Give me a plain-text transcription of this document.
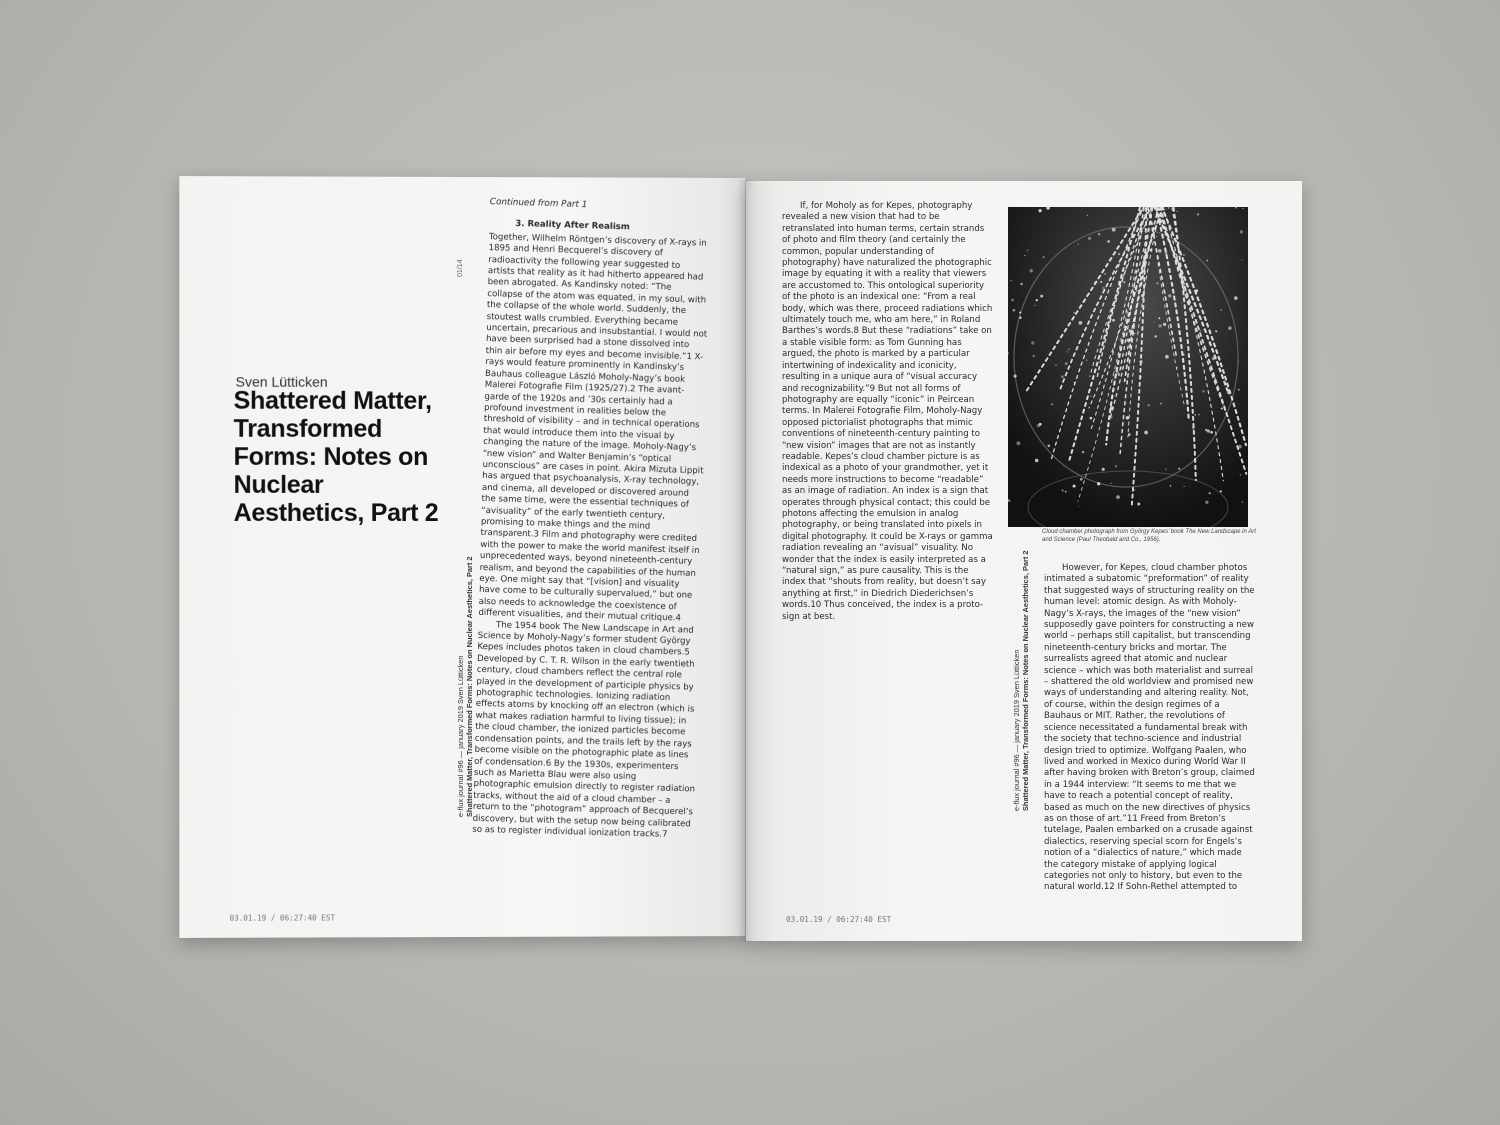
Sven Lütticken
Shattered Matter, Transformed Forms: Notes on Nuclear Aesthetics, Part 2
01/14
e-flux journal #96 — january 2019 Sven Lütticken Shattered Matter, Transformed Forms: Notes on Nuclear Aesthetics, Part 2
Continued from Part 1
3. Reality After Realism

Together, Wilhelm Röntgen’s discovery of X-rays in 1895 and Henri Becquerel’s discovery of radioactivity the following year suggested to artists that reality as it had hitherto appeared had been abrogated. As Kandinsky noted: “The collapse of the atom was equated, in my soul, with the collapse of the whole world. Suddenly, the stoutest walls crumbled. Everything became uncertain, precarious and insubstantial. I would not have been surprised had a stone dissolved into thin air before my eyes and become invisible.”1 X-rays would feature prominently in Kandinsky’s Bauhaus colleague László Moholy-Nagy’s book Malerei Fotografie Film (1925/27).2 The avant-garde of the 1920s and ’30s certainly had a profound investment in realities below the threshold of visibility – and in technical operations that would introduce them into the visual by changing the nature of the image. Moholy-Nagy’s “new vision” and Walter Benjamin’s “optical unconscious” are cases in point. Akira Mizuta Lippit has argued that psychoanalysis, X-ray technology, and cinema, all developed or discovered around the same time, were the essential techniques of “avisuality” of the early twentieth century, promising to make things and the mind transparent.3 Film and photography were credited with the power to make the world manifest itself in unprecedented ways, beyond nineteenth-century realism, and beyond the capabilities of the human eye. One might say that “[vision] and visuality have come to be culturally supervalued,” but one also needs to acknowledge the coexistence of different visualities, and their mutual critique.4

The 1954 book The New Landscape in Art and Science by Moholy-Nagy’s former student György Kepes includes photos taken in cloud chambers.5 Developed by C. T. R. Wilson in the early twentieth century, cloud chambers reflect the central role played in the development of participle physics by photographic technologies. Ionizing radiation effects atoms by knocking off an electron (which is what makes radiation harmful to living tissue); in the cloud chamber, the ionized particles become condensation points, and the trails left by the rays become visible on the photographic plate as lines of condensation.6 By the 1930s, experimenters such as Marietta Blau were also using photographic emulsion directly to register radiation tracks, without the aid of a cloud chamber – a return to the “photogram” approach of Becquerel’s discovery, but with the setup now being calibrated so as to register individual ionization tracks.7

03.01.19 / 06:27:40 EST

If, for Moholy as for Kepes, photography revealed a new vision that had to be retranslated into human terms, certain strands of photo and film theory (and certainly the common, popular understanding of photography) have naturalized the photographic image by equating it with a reality that viewers are accustomed to. This ontological superiority of the photo is an indexical one: “From a real body, which was there, proceed radiations which ultimately touch me, who am here,” in Roland Barthes’s words.8 But these “radiations” take on a stable visible form: as Tom Gunning has argued, the photo is marked by a particular intertwining of indexicality and iconicity, resulting in a unique aura of “visual accuracy and recognizability.”9 But not all forms of photography are equally “iconic” in Peircean terms. In Malerei Fotografie Film, Moholy-Nagy opposed pictorialist photographs that mimic conventions of nineteenth-century painting to “new vision” images that are not as instantly readable. Kepes’s cloud chamber picture is as indexical as a photo of your grandmother, yet it needs more instructions to become “readable” as an image of radiation. An index is a sign that operates through physical contact; this could be photons affecting the emulsion in analog photography, or being translated into pixels in digital photography. It could be X-rays or gamma radiation revealing an “avisual” visuality. No wonder that the index is easily interpreted as a “natural sign,” as pure causality. This is the index that “shouts from reality, but doesn’t say anything at first,” in Diedrich Diederichsen’s words.10 Thus conceived, the index is a proto-sign at best.

Cloud chamber photograph from György Kepes’ book The New Landscape in Art and Science (Paul Theobald and Co., 1956).
e-flux journal #96 — january 2019 Sven Lütticken Shattered Matter, Transformed Forms: Notes on Nuclear Aesthetics, Part 2	However, for Kepes, cloud chamber photos intimated a subatomic “preformation” of reality that suggested ways of structuring reality on the human level: atomic design. As with Moholy-Nagy’s X-rays, the images of the “new vision” supposedly gave pointers for constructing a new world – perhaps still capitalist, but transcending nineteenth-century bricks and mortar. The surrealists agreed that atomic and nuclear science – which was both materialist and surreal – shattered the old worldview and promised new ways of understanding and altering reality. Not, of course, within the design regimes of a Bauhaus or MIT. Rather, the revolutions of science necessitated a fundamental break with the society that techno-science and industrial design tried to optimize. Wolfgang Paalen, who lived and worked in Mexico during World War II after having broken with Breton’s group, claimed in a 1944 interview: “It seems to me that we have to reach a potential concept of reality, based as much on the new directives of physics as on those of art.”11 Freed from Breton’s tutelage, Paalen embarked on a crusade against dialectics, reserving special scorn for Engels’s notion of a “dialectics of nature,” which made the category mistake of applying logical categories not only to history, but even to the natural world.12 If Sohn-Rethel attempted to

03.01.19 / 06:27:40 EST
